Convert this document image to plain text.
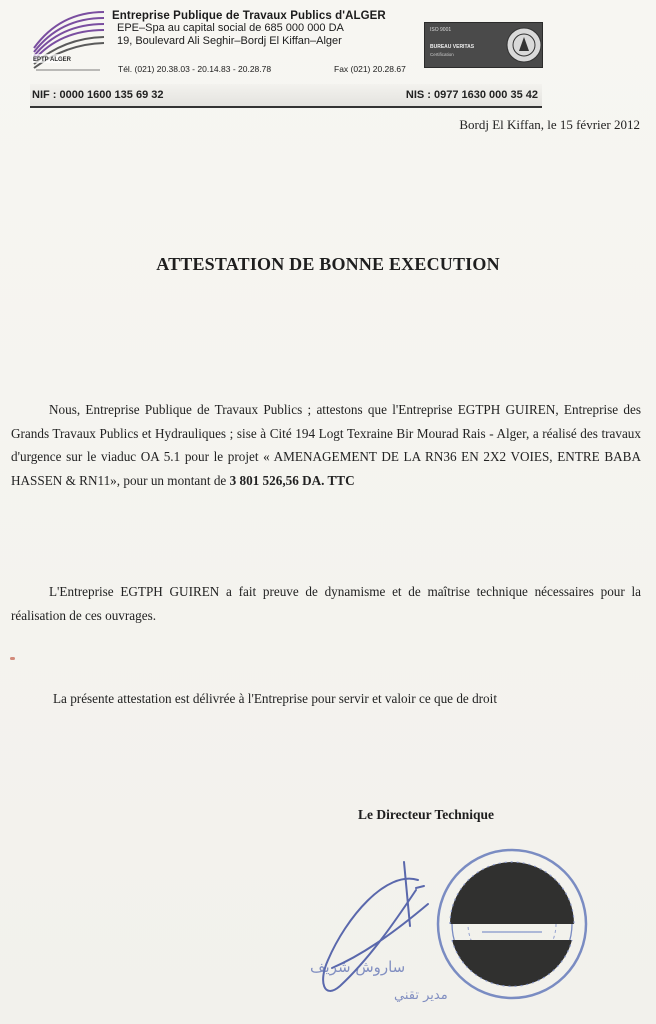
EPTP ALGER
Entreprise Publique de Travaux Publics d'ALGER
EPE–Spa au capital social de 685 000 000 DA
19, Boulevard Ali Seghir–Bordj El Kiffan–Alger
Tél. (021) 20.38.03 - 20.14.83 - 20.28.78	Fax (021) 20.28.67
ISO 9001
BUREAU VERITAS
Certification
NIF : 0000 1600 135 69 32	NIS : 0977 1630 000 35 42
Bordj El Kiffan, le 15 février 2012
ATTESTATION DE BONNE EXECUTION
Nous, Entreprise Publique de Travaux Publics ; attestons que l'Entreprise EGTPH GUIREN, Entreprise des Grands Travaux Publics et Hydrauliques ; sise à Cité 194 Logt Texraine Bir Mourad Rais - Alger, a réalisé des travaux d'urgence sur le viaduc OA 5.1 pour le projet « AMENAGEMENT DE LA RN36 EN 2X2 VOIES, ENTRE BABA HASSEN & RN11», pour un montant de 3 801 526,56 DA. TTC
L'Entreprise EGTPH GUIREN a fait preuve de dynamisme et de maîtrise technique nécessaires pour la réalisation de ces ouvrages.
La présente attestation est délivrée à l'Entreprise pour servir et valoir ce que de droit
Le Directeur Technique
ساروش شريف
مدير تقني
